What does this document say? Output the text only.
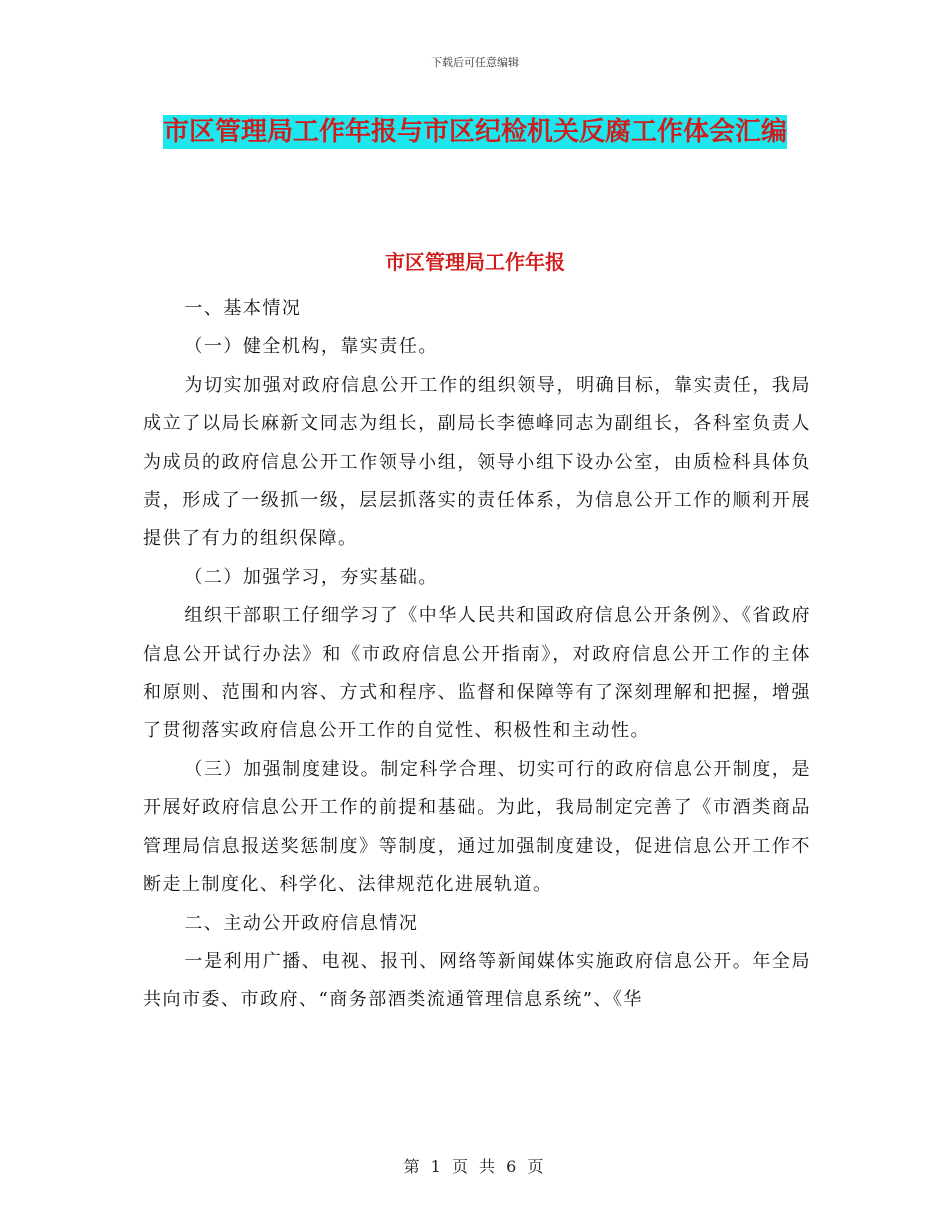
下载后可任意编辑
市区管理局工作年报与市区纪检机关反腐工作体会汇编
市区管理局工作年报

一、基本情况

（一）健全机构，靠实责任。

为切实加强对政府信息公开工作的组织领导，明确目标，靠实责任，我局成立了以局长麻新文同志为组长，副局长李德峰同志为副组长，各科室负责人为成员的政府信息公开工作领导小组，领导小组下设办公室，由质检科具体负责，形成了一级抓一级，层层抓落实的责任体系，为信息公开工作的顺利开展提供了有力的组织保障。

（二）加强学习，夯实基础。

组织干部职工仔细学习了《中华人民共和国政府信息公开条例》、《省政府信息公开试行办法》和《市政府信息公开指南》，对政府信息公开工作的主体和原则、范围和内容、方式和程序、监督和保障等有了深刻理解和把握，增强了贯彻落实政府信息公开工作的自觉性、积极性和主动性。

（三）加强制度建设。制定科学合理、切实可行的政府信息公开制度，是开展好政府信息公开工作的前提和基础。为此，我局制定完善了《市酒类商品管理局信息报送奖惩制度》等制度，通过加强制度建设，促进信息公开工作不断走上制度化、科学化、法律规范化进展轨道。

二、主动公开政府信息情况

一是利用广播、电视、报刊、网络等新闻媒体实施政府信息公开。年全局共向市委、市政府、“商务部酒类流通管理信息系统”、《华

第 1 页 共 6 页
